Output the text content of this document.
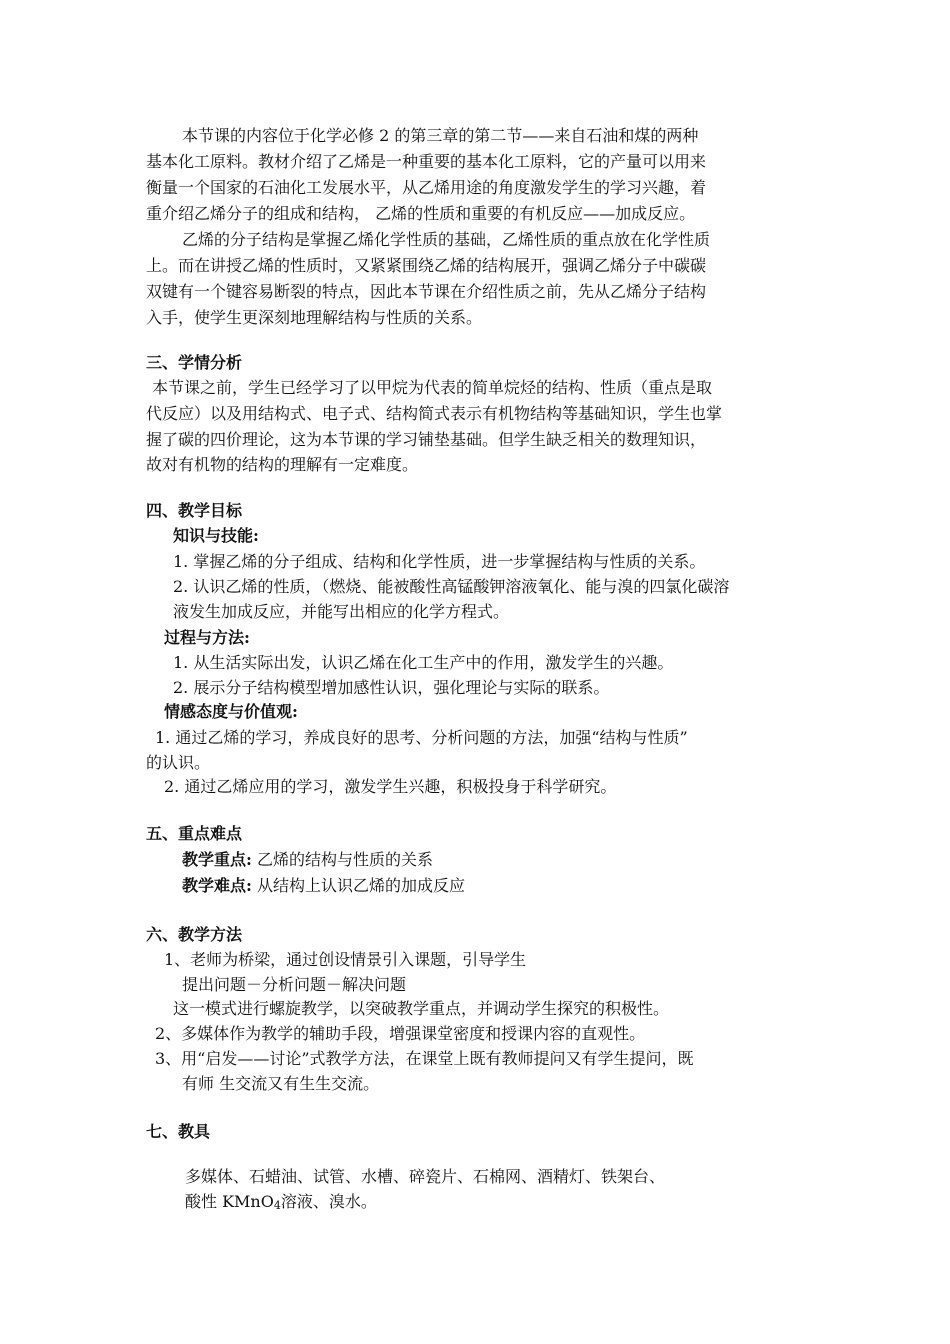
本节课的内容位于化学必修 2 的第三章的第二节——来自石油和煤的两种
基本化工原料。教材介绍了乙烯是一种重要的基本化工原料，它的产量可以用来
衡量一个国家的石油化工发展水平，从乙烯用途的角度激发学生的学习兴趣，着
重介绍乙烯分子的组成和结构， 乙烯的性质和重要的有机反应——加成反应。
乙烯的分子结构是掌握乙烯化学性质的基础，乙烯性质的重点放在化学性质
上。而在讲授乙烯的性质时，又紧紧围绕乙烯的结构展开，强调乙烯分子中碳碳
双键有一个键容易断裂的特点，因此本节课在介绍性质之前，先从乙烯分子结构
入手，使学生更深刻地理解结构与性质的关系。
三、学情分析
本节课之前，学生已经学习了以甲烷为代表的简单烷烃的结构、性质（重点是取
代反应）以及用结构式、电子式、结构简式表示有机物结构等基础知识，学生也掌
握了碳的四价理论，这为本节课的学习铺垫基础。但学生缺乏相关的数理知识，
故对有机物的结构的理解有一定难度。
四、教学目标
知识与技能:
1. 掌握乙烯的分子组成、结构和化学性质，进一步掌握结构与性质的关系。
2. 认识乙烯的性质，（燃烧、能被酸性高锰酸钾溶液氧化、能与溴的四氯化碳溶
液发生加成反应，并能写出相应的化学方程式。
过程与方法:
1. 从生活实际出发，认识乙烯在化工生产中的作用，激发学生的兴趣。
2. 展示分子结构模型增加感性认识，强化理论与实际的联系。
情感态度与价值观:
1. 通过乙烯的学习，养成良好的思考、分析问题的方法，加强“结构与性质”
的认识。
2. 通过乙烯应用的学习，激发学生兴趣，积极投身于科学研究。
五、重点难点
教学重点: 乙烯的结构与性质的关系
教学难点: 从结构上认识乙烯的加成反应
六、教学方法
1、老师为桥梁，通过创设情景引入课题，引导学生
提出问题－分析问题－解决问题
这一模式进行螺旋教学，以突破教学重点，并调动学生探究的积极性。
2、多媒体作为教学的辅助手段，增强课堂密度和授课内容的直观性。
3、用“启发——讨论”式教学方法，在课堂上既有教师提问又有学生提问，既
有师 生交流又有生生交流。
七、教具
多媒体、石蜡油、试管、水槽、碎瓷片、石棉网、酒精灯、铁架台、
酸性 KMnO4溶液、溴水。
